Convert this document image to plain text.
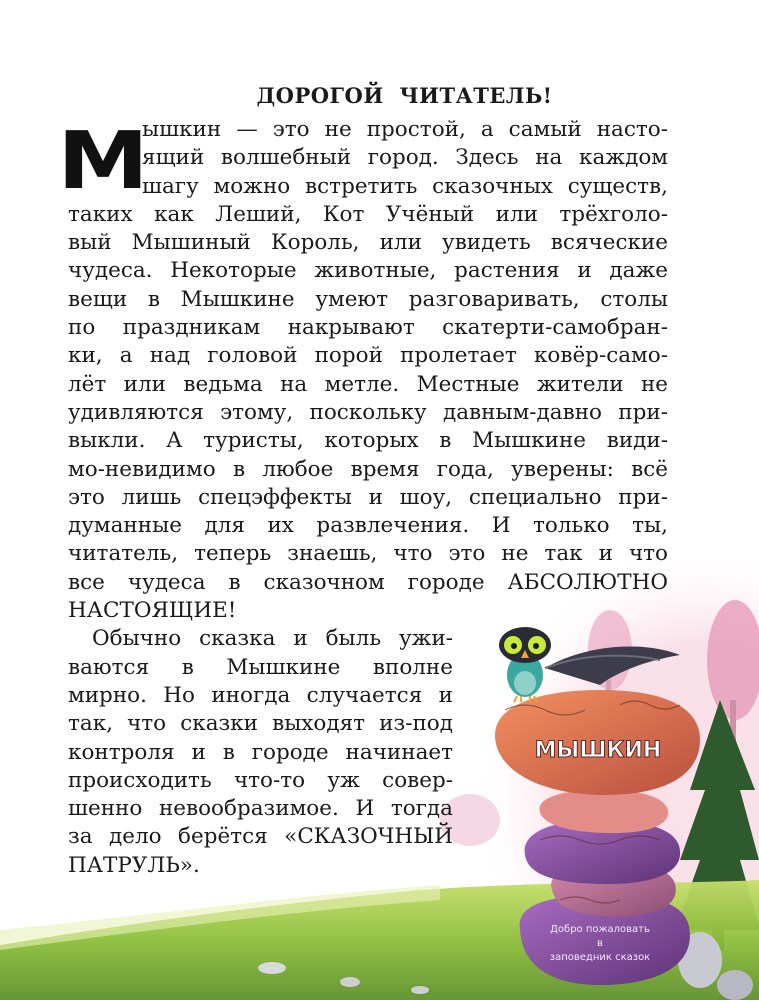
МЫШКИН
Добро пожаловать
в
заповедник сказок
ДОРОГОЙ ЧИТАТЕЛЬ!
М
ышкин — это не простой, а самый насто-
ящий волшебный город. Здесь на каждом
шагу можно встретить сказочных существ,
таких как Леший, Кот Учёный или трёхголо-
вый Мышиный Король, или увидеть всяческие
чудеса. Некоторые животные, растения и даже
вещи в Мышкине умеют разговаривать, столы
по праздникам накрывают скатерти-самобран-
ки, а над головой порой пролетает ковёр-само-
лёт или ведьма на метле. Местные жители не
удивляются этому, поскольку давным-давно при-
выкли. А туристы, которых в Мышкине види-
мо-невидимо в любое время года, уверены: всё
это лишь спецэффекты и шоу, специально при-
думанные для их развлечения. И только ты,
читатель, теперь знаешь, что это не так и что
все чудеса в сказочном городе АБСОЛЮТНО
НАСТОЯЩИЕ!
Обычно сказка и быль ужи-
ваются в Мышкине вполне
мирно. Но иногда случается и
так, что сказки выходят из-под
контроля и в городе начинает
происходить что-то уж совер-
шенно невообразимое. И тогда
за дело берётся «СКАЗОЧНЫЙ
ПАТРУЛЬ».
